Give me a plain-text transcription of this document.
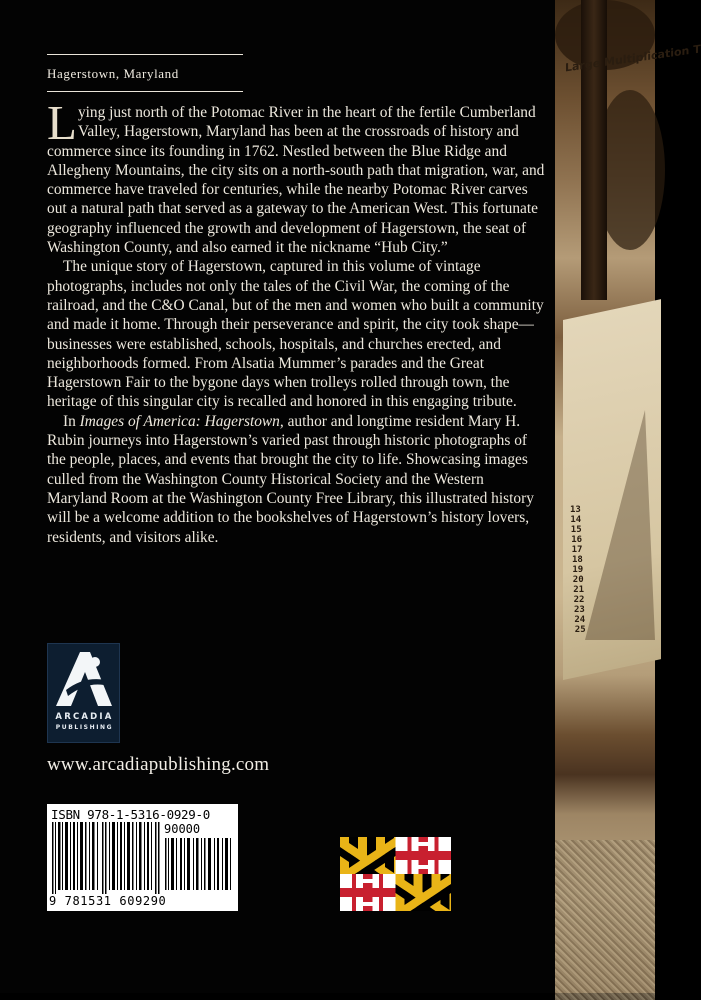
Hagerstown, Maryland

Lying just north of the Potomac River in the heart of the fertile Cumberland Valley, Hagerstown, Maryland has been at the crossroads of history and commerce since its founding in 1762. Nestled between the Blue Ridge and Allegheny Mountains, the city sits on a north-south path that migration, war, and commerce have traveled for centuries, while the nearby Potomac River carves out a natural path that served as a gateway to the American West. This fortunate geography influenced the growth and development of Hagerstown, the seat of Washington County, and also earned it the nickname “Hub City.”

The unique story of Hagerstown, captured in this volume of vintage photographs, includes not only the tales of the Civil War, the coming of the railroad, and the C&O Canal, but of the men and women who built a community and made it home. Through their perseverance and spirit, the city took shape—businesses were established, schools, hospitals, and churches erected, and neighborhoods formed. From Alsatia Mummer’s parades and the Great Hagerstown Fair to the bygone days when trolleys rolled through town, the heritage of this singular city is recalled and honored in this engaging tribute.

In Images of America: Hagerstown, author and longtime resident Mary H. Rubin journeys into Hagerstown’s varied past through historic photographs of the people, places, and events that brought the city to life. Showcasing images culled from the Washington County Historical Society and the Western Maryland Room at the Washington County Free Library, this illustrated history will be a welcome addition to the bookshelves of Hagerstown’s history lovers, residents, and visitors alike.

ARCADIA
PUBLISHING
www.arcadiapublishing.com
ISBN 978-1-5316-0929-0
90000
9 781531 609290
Large Multiplication T
13
14
15
16
17
18
19
20
21
22
23
24
25
